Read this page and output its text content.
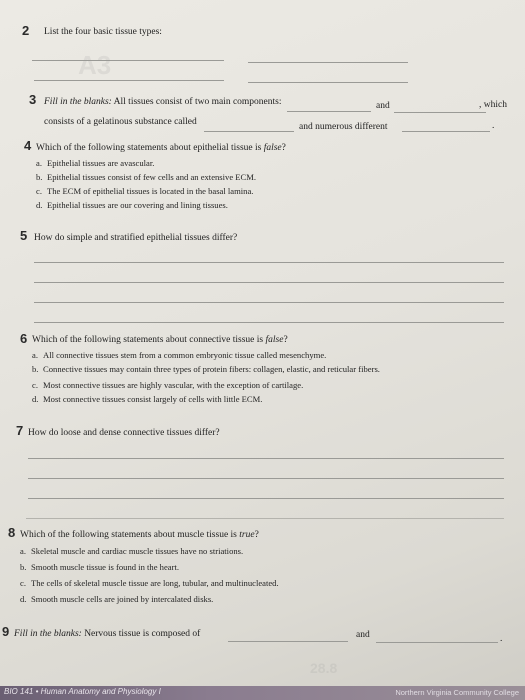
A3
2 List the four basic tissue types:
3 Fill in the blanks: All tissues consist of two main components:	and	, which
consists of a gelatinous substance called	and numerous different	.
4 Which of the following statements about epithelial tissue is false?
a. Epithelial tissues are avascular.
b. Epithelial tissues consist of few cells and an extensive ECM.
c. The ECM of epithelial tissues is located in the basal lamina.
d. Epithelial tissues are our covering and lining tissues.
5 How do simple and stratified epithelial tissues differ?
6 Which of the following statements about connective tissue is false?
a. All connective tissues stem from a common embryonic tissue called mesenchyme.
b. Connective tissues may contain three types of protein fibers: collagen, elastic, and reticular fibers.
c. Most connective tissues are highly vascular, with the exception of cartilage.
d. Most connective tissues consist largely of cells with little ECM.
7 How do loose and dense connective tissues differ?
8 Which of the following statements about muscle tissue is true?
a. Skeletal muscle and cardiac muscle tissues have no striations.
b. Smooth muscle tissue is found in the heart.
c. The cells of skeletal muscle tissue are long, tubular, and multinucleated.
d. Smooth muscle cells are joined by intercalated disks.
9 Fill in the blanks: Nervous tissue is composed of	and	.
28.8
BIO 141 • Human Anatomy and Physiology I	Northern Virginia Community College
